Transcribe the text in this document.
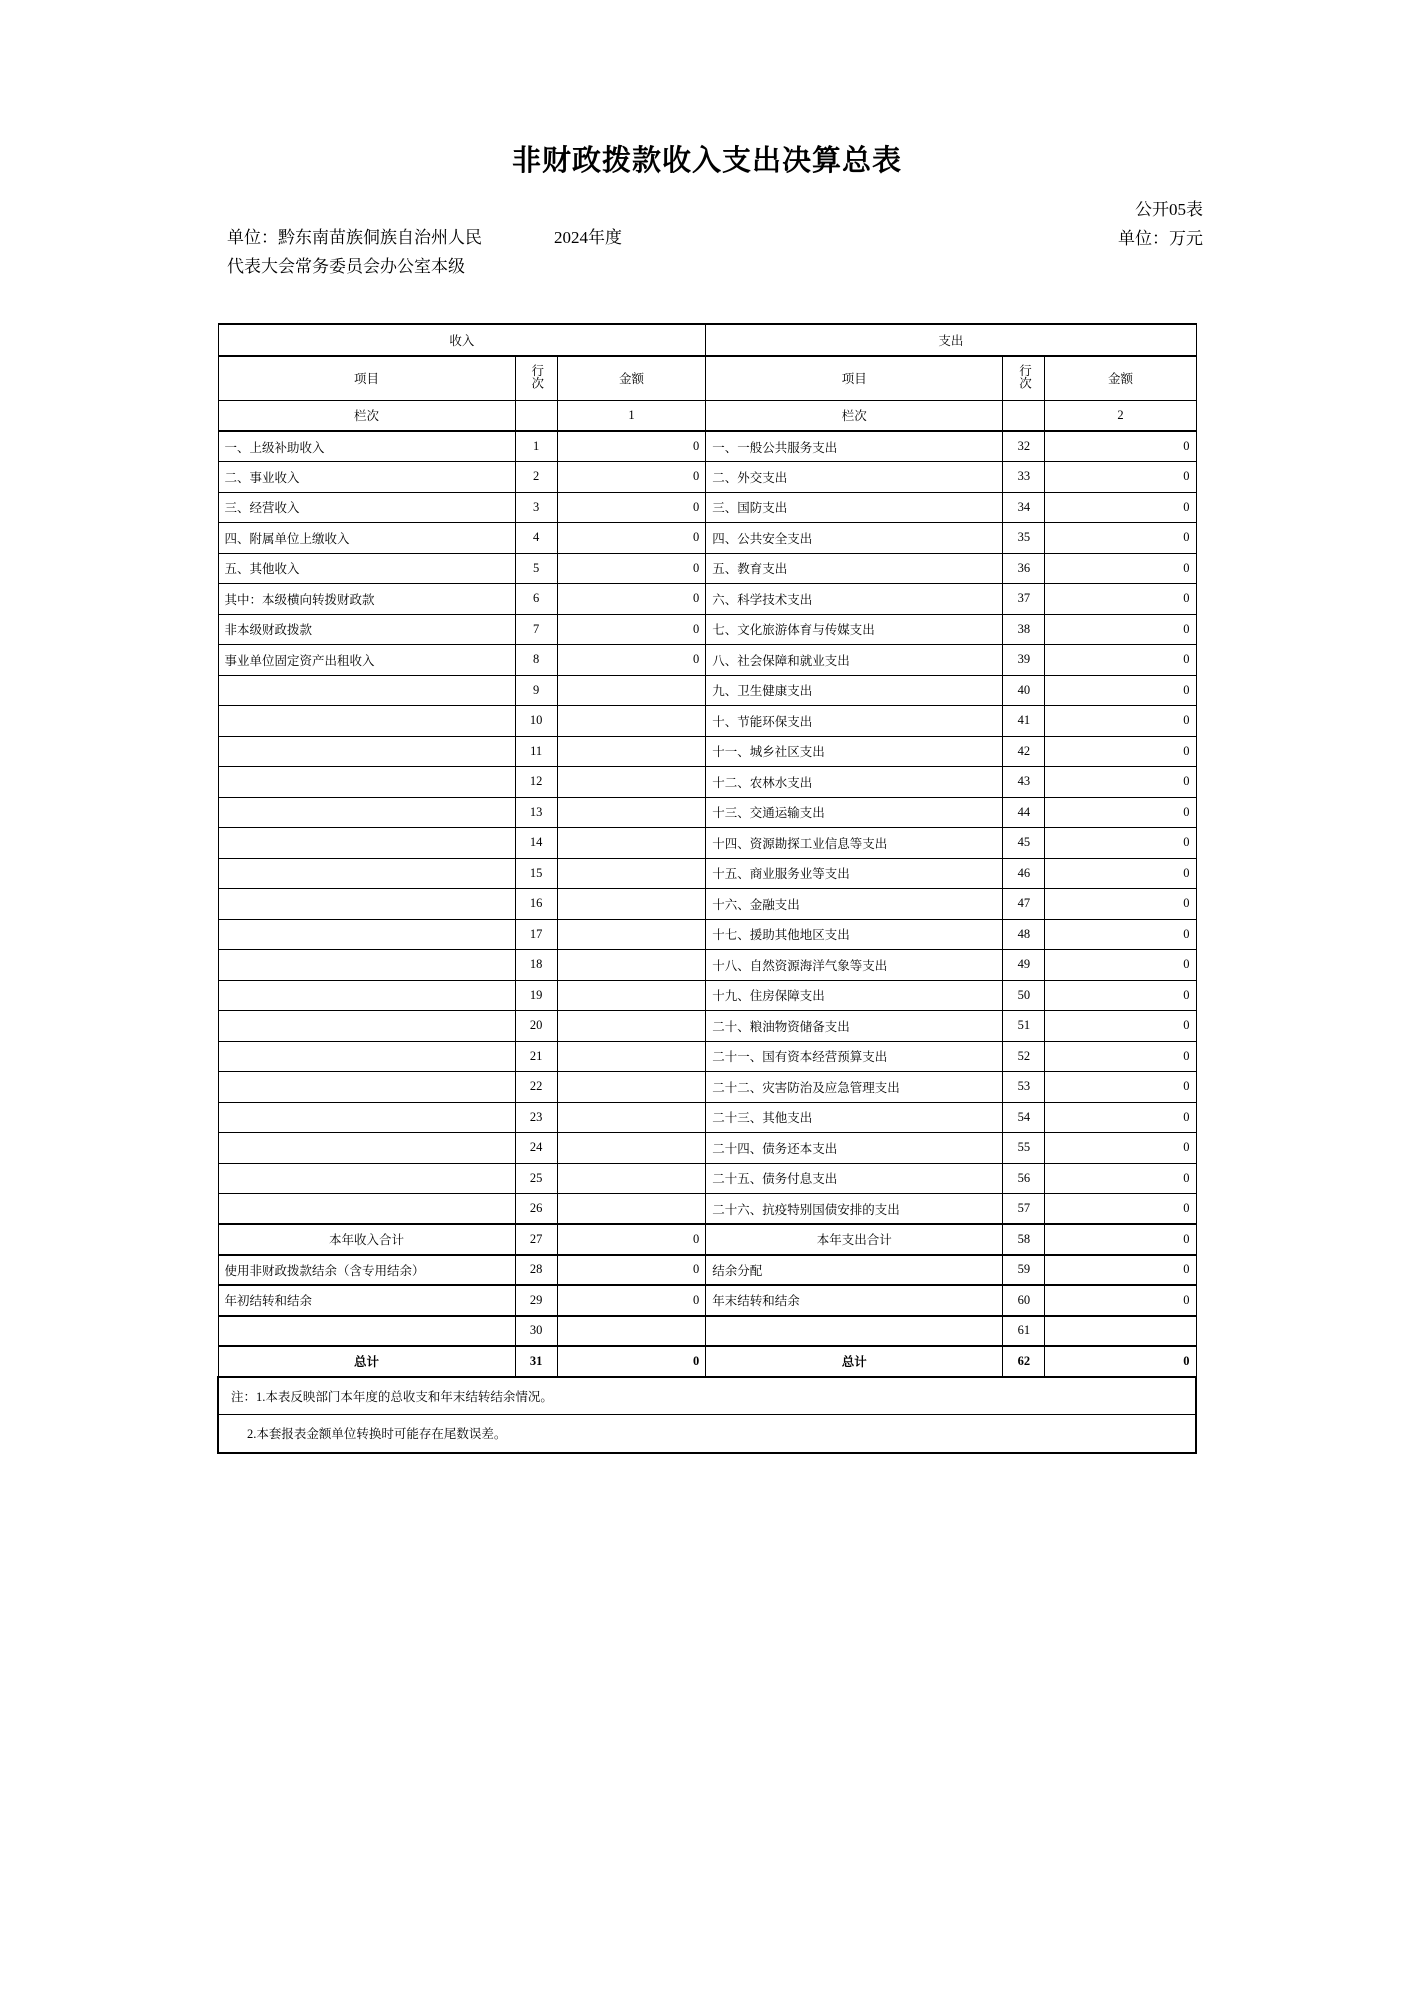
非财政拨款收入支出决算总表
公开05表
单位：万元
单位：黔东南苗族侗族自治州人民	2024年度
代表大会常务委员会办公室本级
收入			支出		
项目	行次	金额	项目	行次	金额
栏次		1	栏次		2
一、上级补助收入	1	0	一、一般公共服务支出	32	0
二、事业收入	2	0	二、外交支出	33	0
三、经营收入	3	0	三、国防支出	34	0
四、附属单位上缴收入	4	0	四、公共安全支出	35	0
五、其他收入	5	0	五、教育支出	36	0
其中：本级横向转拨财政款	6	0	六、科学技术支出	37	0
非本级财政拨款	7	0	七、文化旅游体育与传媒支出	38	0
事业单位固定资产出租收入	8	0	八、社会保障和就业支出	39	0
	9		九、卫生健康支出	40	0
	10		十、节能环保支出	41	0
	11		十一、城乡社区支出	42	0
	12		十二、农林水支出	43	0
	13		十三、交通运输支出	44	0
	14		十四、资源勘探工业信息等支出	45	0
	15		十五、商业服务业等支出	46	0
	16		十六、金融支出	47	0
	17		十七、援助其他地区支出	48	0
	18		十八、自然资源海洋气象等支出	49	0
	19		十九、住房保障支出	50	0
	20		二十、粮油物资储备支出	51	0
	21		二十一、国有资本经营预算支出	52	0
	22		二十二、灾害防治及应急管理支出	53	0
	23		二十三、其他支出	54	0
	24		二十四、债务还本支出	55	0
	25		二十五、债务付息支出	56	0
	26		二十六、抗疫特别国债安排的支出	57	0
本年收入合计	27	0	本年支出合计	58	0
使用非财政拨款结余（含专用结余）	28	0	结余分配	59	0
年初结转和结余	29	0	年末结转和结余	60	0
	30			61	
总计	31	0	总计	62	0
注：1.本表反映部门本年度的总收支和年末结转结余情况。					
2.本套报表金额单位转换时可能存在尾数误差。					
